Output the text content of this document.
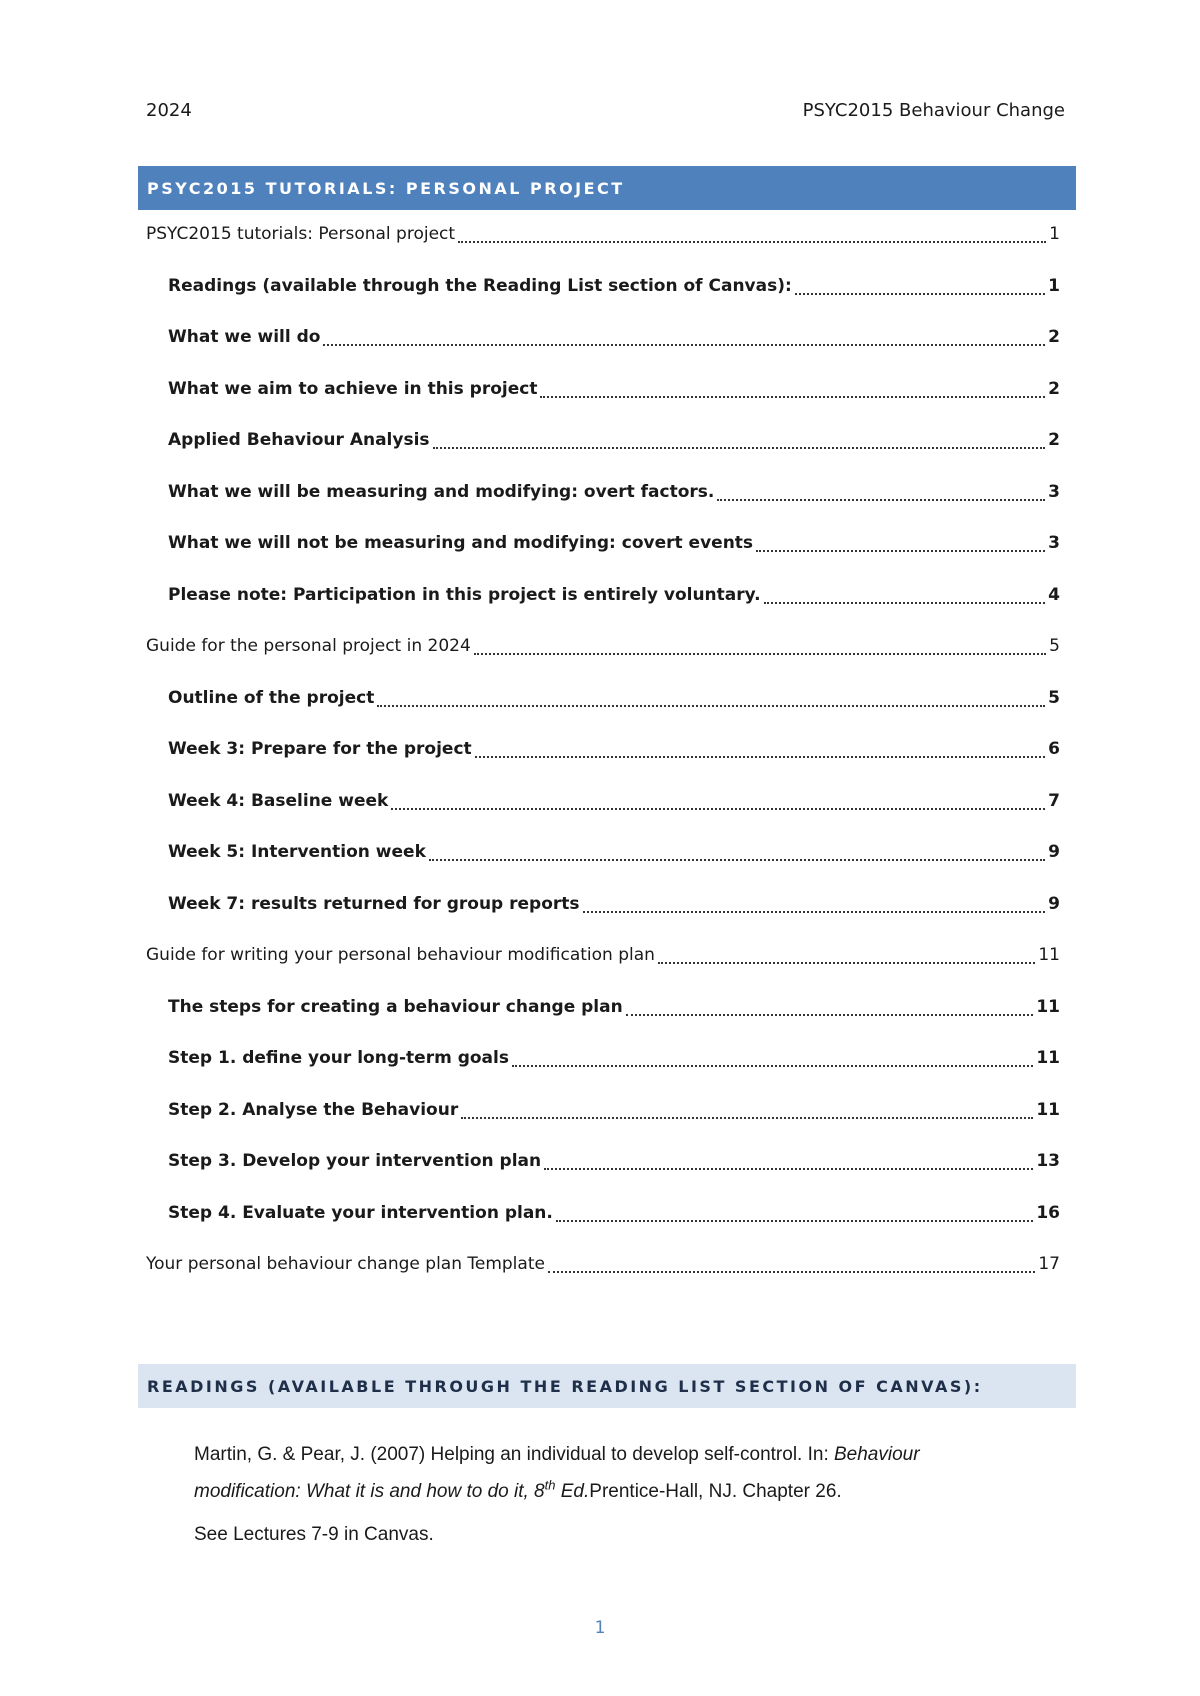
2024	PSYC2015 Behaviour Change
PSYC2015 TUTORIALS: PERSONAL PROJECT
PSYC2015 tutorials: Personal project	1
Readings (available through the Reading List section of Canvas):	1
What we will do	2
What we aim to achieve in this project	2
Applied Behaviour Analysis	2
What we will be measuring and modifying: overt factors.	3
What we will not be measuring and modifying: covert events	3
Please note: Participation in this project is entirely voluntary.	4
Guide for the personal project in 2024	5
Outline of the project	5
Week 3: Prepare for the project	6
Week 4: Baseline week	7
Week 5: Intervention week	9
Week 7: results returned for group reports	9
Guide for writing your personal behaviour modification plan	11
The steps for creating a behaviour change plan	11
Step 1. define your long-term goals	11
Step 2. Analyse the Behaviour	11
Step 3. Develop your intervention plan	13
Step 4. Evaluate your intervention plan.	16
Your personal behaviour change plan Template	17
READINGS (AVAILABLE THROUGH THE READING LIST SECTION OF CANVAS):
Martin, G. & Pear, J. (2007) Helping an individual to develop self-control. In: Behaviour modification: What it is and how to do it, 8th Ed.Prentice-Hall, NJ. Chapter 26.
See Lectures 7-9 in Canvas.
1
